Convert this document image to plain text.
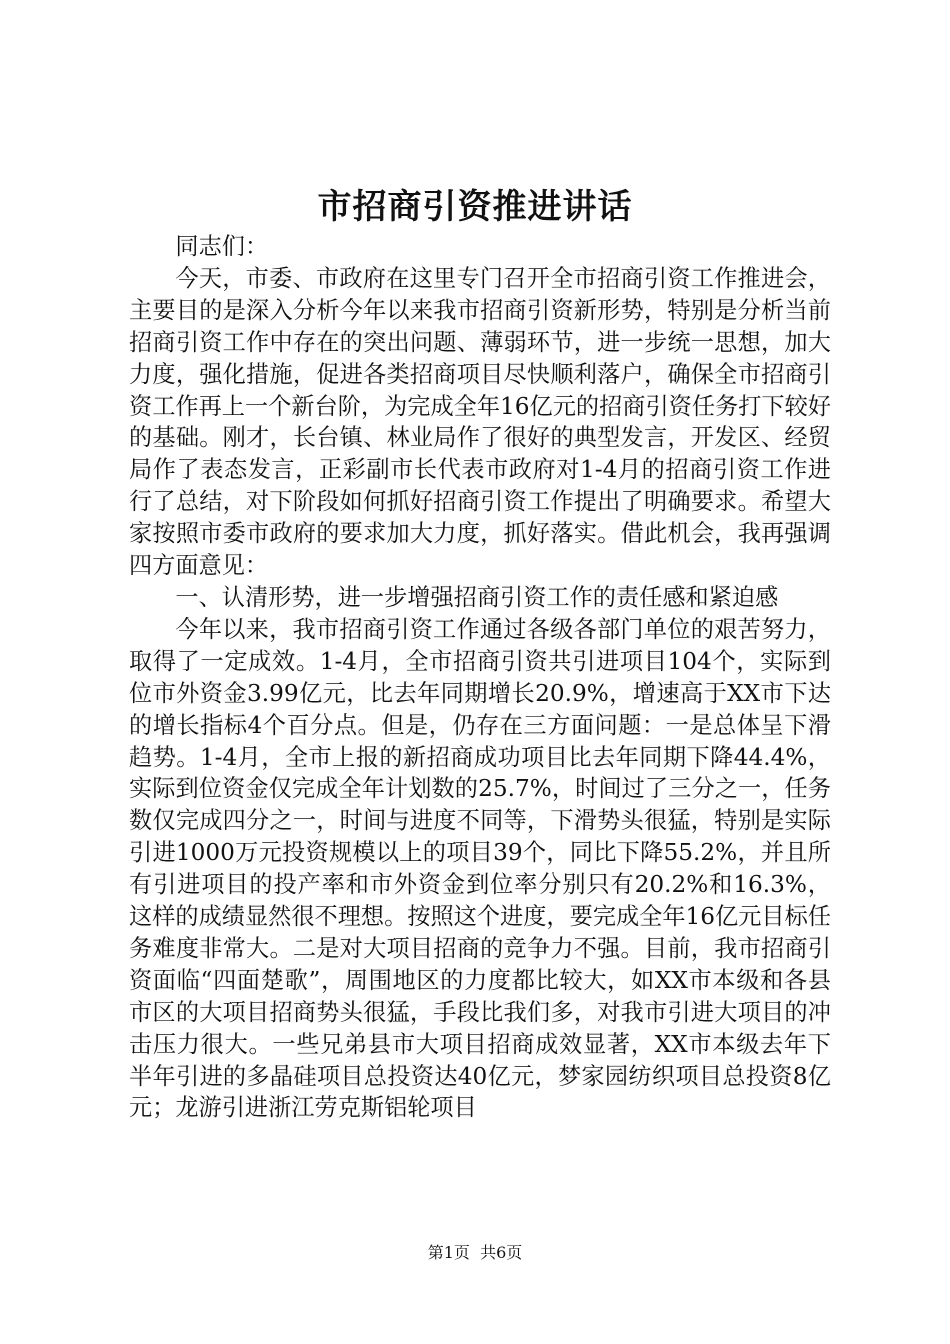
市招商引资推进讲话

同志们：

今天，市委、市政府在这里专门召开全市招商引资工作推进会，主要目的是深入分析今年以来我市招商引资新形势，特别是分析当前招商引资工作中存在的突出问题、薄弱环节，进一步统一思想，加大力度，强化措施，促进各类招商项目尽快顺利落户，确保全市招商引资工作再上一个新台阶，为完成全年16亿元的招商引资任务打下较好的基础。刚才，长台镇、林业局作了很好的典型发言，开发区、经贸局作了表态发言，正彩副市长代表市政府对1-4月的招商引资工作进行了总结，对下阶段如何抓好招商引资工作提出了明确要求。希望大家按照市委市政府的要求加大力度，抓好落实。借此机会，我再强调四方面意见：

一、认清形势，进一步增强招商引资工作的责任感和紧迫感

今年以来，我市招商引资工作通过各级各部门单位的艰苦努力，取得了一定成效。1-4月，全市招商引资共引进项目104个，实际到位市外资金3.99亿元，比去年同期增长20.9%，增速高于XX市下达的增长指标4个百分点。但是，仍存在三方面问题：一是总体呈下滑趋势。1-4月，全市上报的新招商成功项目比去年同期下降44.4%，实际到位资金仅完成全年计划数的25.7%，时间过了三分之一，任务数仅完成四分之一，时间与进度不同等，下滑势头很猛，特别是实际引进1000万元投资规模以上的项目39个，同比下降55.2%，并且所有引进项目的投产率和市外资金到位率分别只有20.2%和16.3%，这样的成绩显然很不理想。按照这个进度，要完成全年16亿元目标任务难度非常大。二是对大项目招商的竞争力不强。目前，我市招商引资面临“四面楚歌”，周围地区的力度都比较大，如XX市本级和各县市区的大项目招商势头很猛，手段比我们多，对我市引进大项目的冲击压力很大。一些兄弟县市大项目招商成效显著，XX市本级去年下半年引进的多晶硅项目总投资达40亿元，梦家园纺织项目总投资8亿元；龙游引进浙江劳克斯铝轮项目

第1页 共6页
